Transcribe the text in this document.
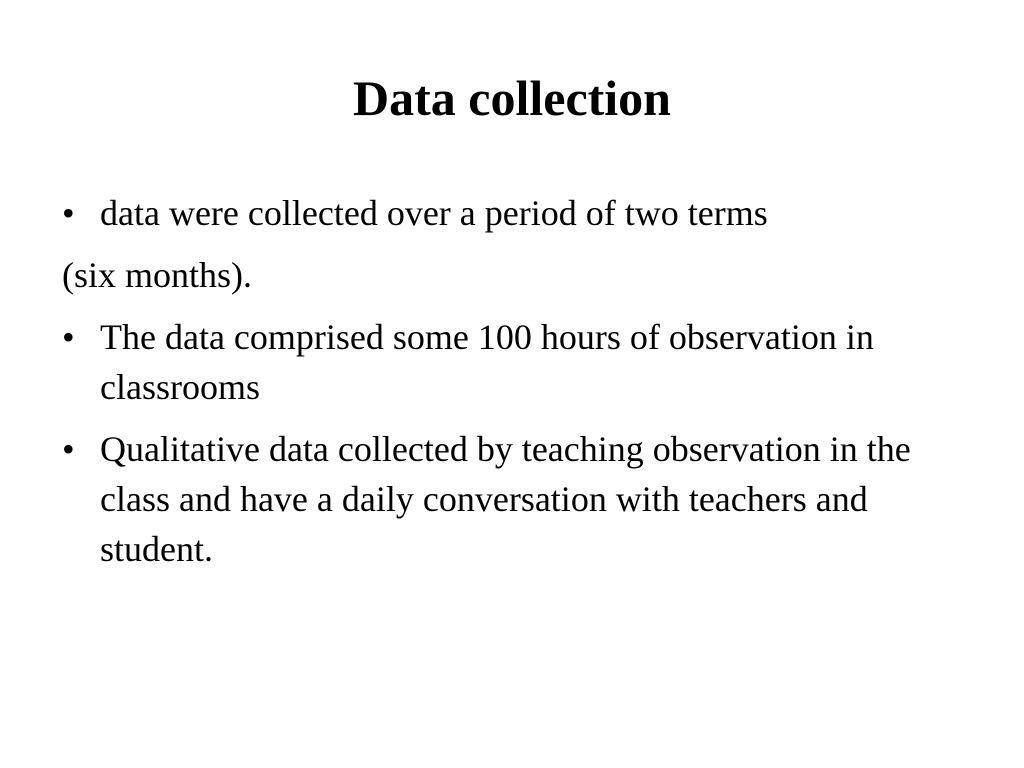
Data collection
• data were collected over a period of two terms
(six months).
• The data comprised some 100 hours of observation in classrooms
• Qualitative data collected by teaching observation in the class and have a daily conversation with teachers and student.
